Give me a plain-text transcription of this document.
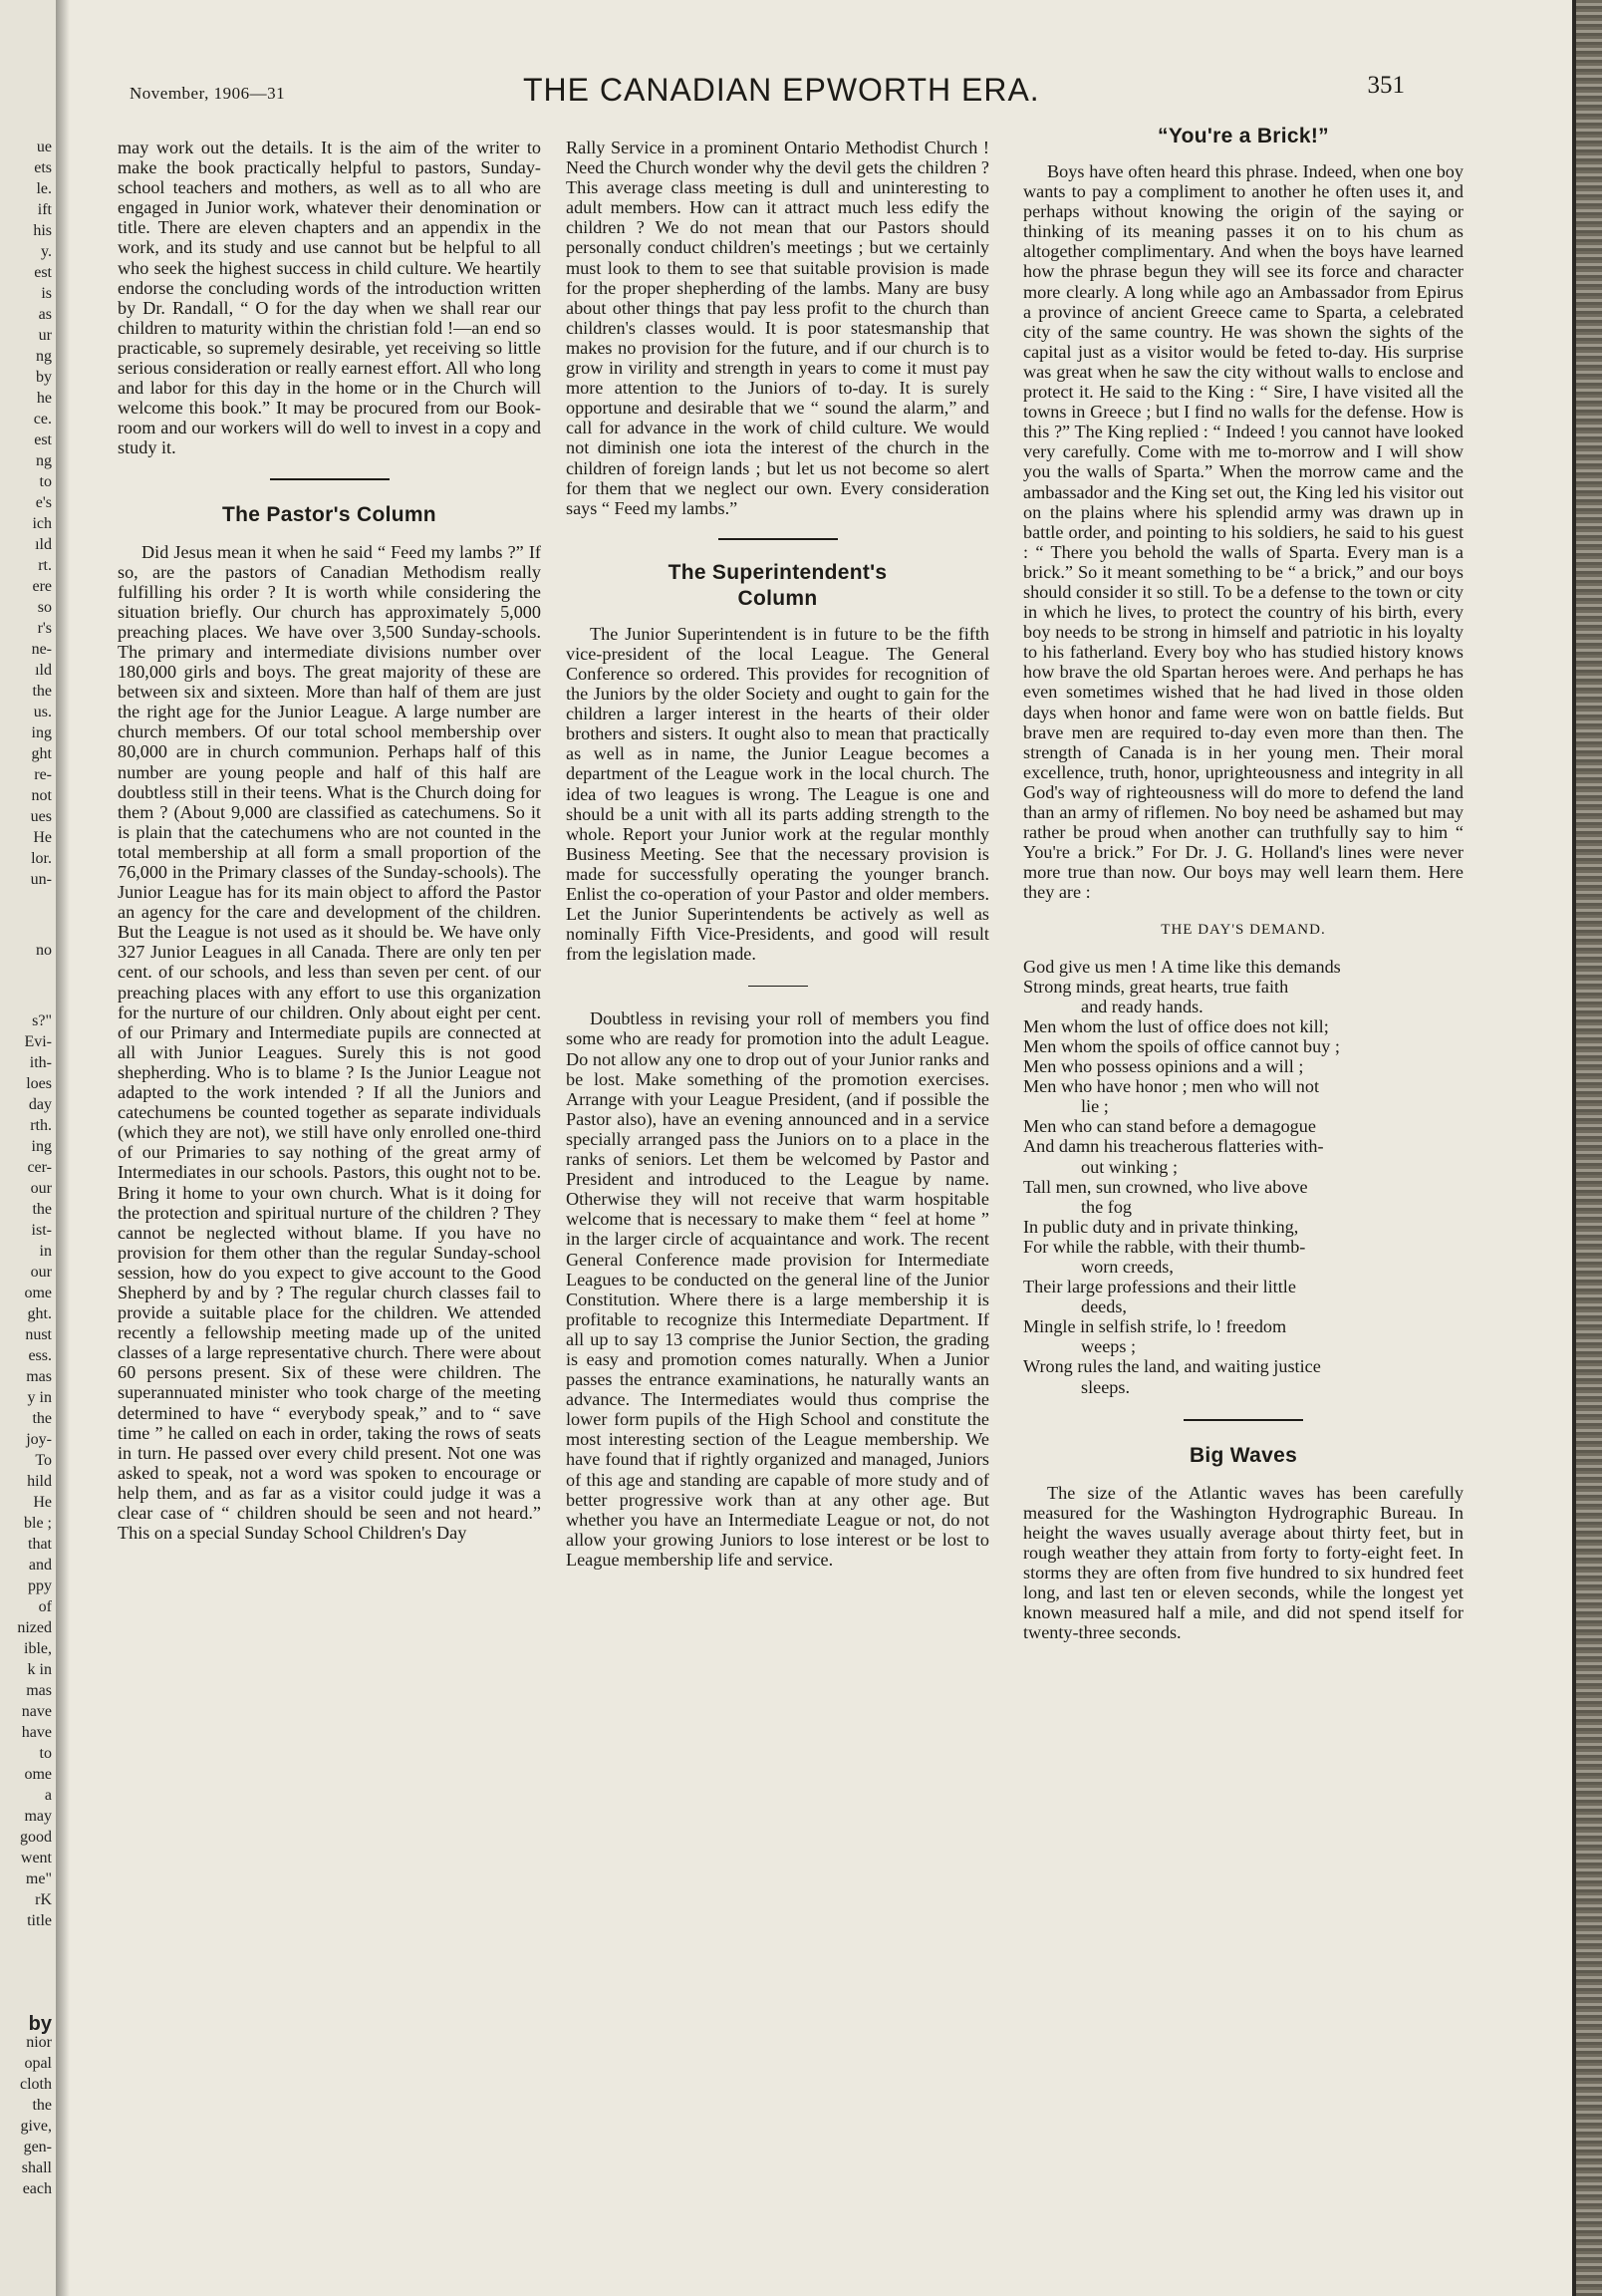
ue
ets
le.
ift
his
y.
est
is
as
ur
ng
by
he
ce.
est
ng
to
e's
ich
ıld
rt.
ere
so
r's
ne-
ıld
the
us.
ing
ght
re-
not
ues
He
lor.
un-
no
s?"
Evi-
ith-
loes
day
rth.
ing
cer-
our
the
ist-
in
our
ome
ght.
nust
ess.
mas
y in
the
joy-
To
hild
He
ble ;
that
and
ppy
of
nized
ible,
k in
mas
nave
have
to
ome
a
may
good
went
me"
rK
title
by
nior
opal
cloth
the
give,
gen-
shall
each
November, 1906—31	THE CANADIAN EPWORTH ERA.	351

may work out the details. It is the aim of the writer to make the book practically helpful to pastors, Sunday-school teachers and mothers, as well as to all who are engaged in Junior work, whatever their denomination or title. There are eleven chapters and an appendix in the work, and its study and use cannot but be helpful to all who seek the highest success in child culture. We heartily endorse the concluding words of the introduction written by Dr. Randall, “ O for the day when we shall rear our children to maturity within the christian fold !—an end so practicable, so supremely desirable, yet receiving so little serious consideration or really earnest effort. All who long and labor for this day in the home or in the Church will welcome this book.” It may be procured from our Book-room and our workers will do well to invest in a copy and study it.

The Pastor's Column

Did Jesus mean it when he said “ Feed my lambs ?” If so, are the pastors of Canadian Methodism really fulfilling his order ? It is worth while considering the situation briefly. Our church has approximately 5,000 preaching places. We have over 3,500 Sunday-schools. The primary and intermediate divisions number over 180,000 girls and boys. The great majority of these are between six and sixteen. More than half of them are just the right age for the Junior League. A large number are church members. Of our total school membership over 80,000 are in church communion. Perhaps half of this number are young people and half of this half are doubtless still in their teens. What is the Church doing for them ? (About 9,000 are classified as catechumens. So it is plain that the catechumens who are not counted in the total membership at all form a small proportion of the 76,000 in the Primary classes of the Sunday-schools). The Junior League has for its main object to afford the Pastor an agency for the care and development of the children. But the League is not used as it should be. We have only 327 Junior Leagues in all Canada. There are only ten per cent. of our schools, and less than seven per cent. of our preaching places with any effort to use this organization for the nurture of our children. Only about eight per cent. of our Primary and Intermediate pupils are connected at all with Junior Leagues. Surely this is not good shepherding. Who is to blame ? Is the Junior League not adapted to the work intended ? If all the Juniors and catechumens be counted together as separate individuals (which they are not), we still have only enrolled one-third of our Primaries to say nothing of the great army of Intermediates in our schools. Pastors, this ought not to be. Bring it home to your own church. What is it doing for the protection and spiritual nurture of the children ? They cannot be neglected without blame. If you have no provision for them other than the regular Sunday-school session, how do you expect to give account to the Good Shepherd by and by ? The regular church classes fail to provide a suitable place for the children. We attended recently a fellowship meeting made up of the united classes of a large representative church. There were about 60 persons present. Six of these were children. The superannuated minister who took charge of the meeting determined to have “ everybody speak,” and to “ save time ” he called on each in order, taking the rows of seats in turn. He passed over every child present. Not one was asked to speak, not a word was spoken to encourage or help them, and as far as a visitor could judge it was a clear case of “ children should be seen and not heard.” This on a special Sunday School Children's Day

Rally Service in a prominent Ontario Methodist Church ! Need the Church wonder why the devil gets the children ? This average class meeting is dull and uninteresting to adult members. How can it attract much less edify the children ? We do not mean that our Pastors should personally conduct children's meetings ; but we certainly must look to them to see that suitable provision is made for the proper shepherding of the lambs. Many are busy about other things that pay less profit to the church than children's classes would. It is poor statesmanship that makes no provision for the future, and if our church is to grow in virility and strength in years to come it must pay more attention to the Juniors of to-day. It is surely opportune and desirable that we “ sound the alarm,” and call for advance in the work of child culture. We would not diminish one iota the interest of the church in the children of foreign lands ; but let us not become so alert for them that we neglect our own. Every consideration says “ Feed my lambs.”

The Superintendent's
Column

The Junior Superintendent is in future to be the fifth vice-president of the local League. The General Conference so ordered. This provides for recognition of the Juniors by the older Society and ought to gain for the children a larger interest in the hearts of their older brothers and sisters. It ought also to mean that practically as well as in name, the Junior League becomes a department of the League work in the local church. The idea of two leagues is wrong. The League is one and should be a unit with all its parts adding strength to the whole. Report your Junior work at the regular monthly Business Meeting. See that the necessary provision is made for successfully operating the younger branch. Enlist the co-operation of your Pastor and older members. Let the Junior Superintendents be actively as well as nominally Fifth Vice-Presidents, and good will result from the legislation made.

Doubtless in revising your roll of members you find some who are ready for promotion into the adult League. Do not allow any one to drop out of your Junior ranks and be lost. Make something of the promotion exercises. Arrange with your League President, (and if possible the Pastor also), have an evening announced and in a service specially arranged pass the Juniors on to a place in the ranks of seniors. Let them be welcomed by Pastor and President and introduced to the League by name. Otherwise they will not receive that warm hospitable welcome that is necessary to make them “ feel at home ” in the larger circle of acquaintance and work. The recent General Conference made provision for Intermediate Leagues to be conducted on the general line of the Junior Constitution. Where there is a large membership it is profitable to recognize this Intermediate Department. If all up to say 13 comprise the Junior Section, the grading is easy and promotion comes naturally. When a Junior passes the entrance examinations, he naturally wants an advance. The Intermediates would thus comprise the lower form pupils of the High School and constitute the most interesting section of the League membership. We have found that if rightly organized and managed, Juniors of this age and standing are capable of more study and of better progressive work than at any other age. But whether you have an Intermediate League or not, do not allow your growing Juniors to lose interest or be lost to League membership life and service.

“You're a Brick!”

Boys have often heard this phrase. Indeed, when one boy wants to pay a compliment to another he often uses it, and perhaps without knowing the origin of the saying or thinking of its meaning passes it on to his chum as altogether complimentary. And when the boys have learned how the phrase begun they will see its force and character more clearly. A long while ago an Ambassador from Epirus a province of ancient Greece came to Sparta, a celebrated city of the same country. He was shown the sights of the capital just as a visitor would be feted to-day. His surprise was great when he saw the city without walls to enclose and protect it. He said to the King : “ Sire, I have visited all the towns in Greece ; but I find no walls for the defense. How is this ?” The King replied : “ Indeed ! you cannot have looked very carefully. Come with me to-morrow and I will show you the walls of Sparta.” When the morrow came and the ambassador and the King set out, the King led his visitor out on the plains where his splendid army was drawn up in battle order, and pointing to his soldiers, he said to his guest : “ There you behold the walls of Sparta. Every man is a brick.” So it meant something to be “ a brick,” and our boys should consider it so still. To be a defense to the town or city in which he lives, to protect the country of his birth, every boy needs to be strong in himself and patriotic in his loyalty to his fatherland. Every boy who has studied history knows how brave the old Spartan heroes were. And perhaps he has even sometimes wished that he had lived in those olden days when honor and fame were won on battle fields. But brave men are required to-day even more than then. The strength of Canada is in her young men. Their moral excellence, truth, honor, uprighteousness and integrity in all God's way of righteousness will do more to defend the land than an army of riflemen. No boy need be ashamed but may rather be proud when another can truthfully say to him “ You're a brick.” For Dr. J. G. Holland's lines were never more true than now. Our boys may well learn them. Here they are :

THE DAY'S DEMAND.

God give us men ! A time like this demands

Strong minds, great hearts, true faith

and ready hands.

Men whom the lust of office does not kill;

Men whom the spoils of office cannot buy ;

Men who possess opinions and a will ;

Men who have honor ; men who will not

lie ;

Men who can stand before a demagogue

And damn his treacherous flatteries with-

out winking ;

Tall men, sun crowned, who live above

the fog

In public duty and in private thinking,

For while the rabble, with their thumb-

worn creeds,

Their large professions and their little

deeds,

Mingle in selfish strife, lo ! freedom

weeps ;

Wrong rules the land, and waiting justice

sleeps.

Big Waves

The size of the Atlantic waves has been carefully measured for the Washington Hydrographic Bureau. In height the waves usually average about thirty feet, but in rough weather they attain from forty to forty-eight feet. In storms they are often from five hundred to six hundred feet long, and last ten or eleven seconds, while the longest yet known measured half a mile, and did not spend itself for twenty-three seconds.
